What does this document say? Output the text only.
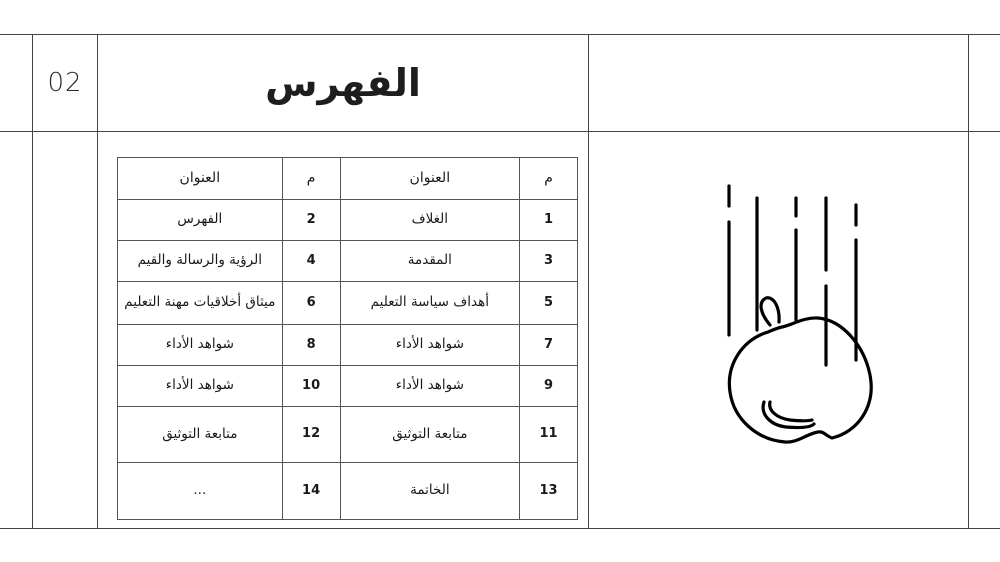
02	الفهرس
م	العنوان	م	العنوان
1	الغلاف	2	الفهرس
3	المقدمة	4	الرؤية والرسالة والقيم
5	أهداف سياسة التعليم	6	ميثاق أخلاقيات مهنة التعليم
7	شواهد الأداء	8	شواهد الأداء
9	شواهد الأداء	10	شواهد الأداء
11	متابعة التوثيق	12	متابعة التوثيق
13	الخاتمة	14	...
